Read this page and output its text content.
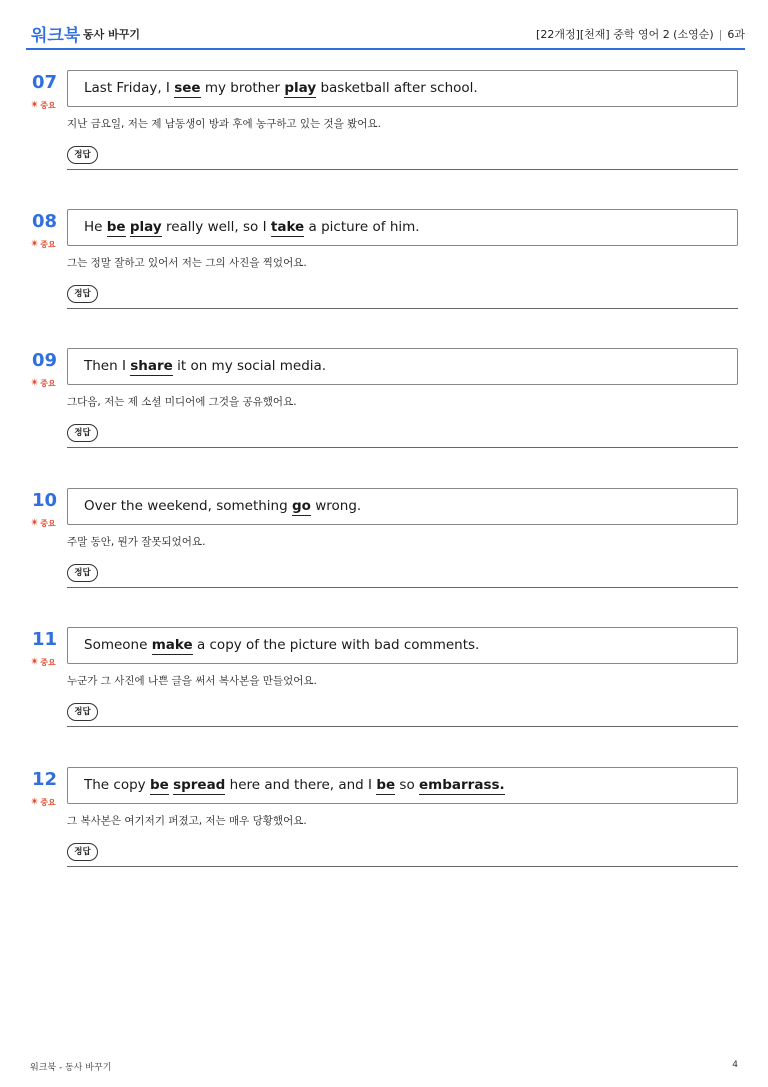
워크북 동사 바꾸기	[22개정][천재] 중학 영어 2 (소영순) | 6과
07
✴중요
Last Friday, I see my brother play basketball after school.
지난 금요일, 저는 제 남동생이 방과 후에 농구하고 있는 것을 봤어요.
정답
08
✴중요
He be play really well, so I take a picture of him.
그는 정말 잘하고 있어서 저는 그의 사진을 찍었어요.
정답
09
✴중요
Then I share it on my social media.
그다음, 저는 제 소셜 미디어에 그것을 공유했어요.
정답
10
✴중요
Over the weekend, something go wrong.
주말 동안, 뭔가 잘못되었어요.
정답
11
✴중요
Someone make a copy of the picture with bad comments.
누군가 그 사진에 나쁜 글을 써서 복사본을 만들었어요.
정답
12
✴중요
The copy be spread here and there, and I be so embarrass.
그 복사본은 여기저기 퍼졌고, 저는 매우 당황했어요.
정답
워크북 - 동사 바꾸기	4
